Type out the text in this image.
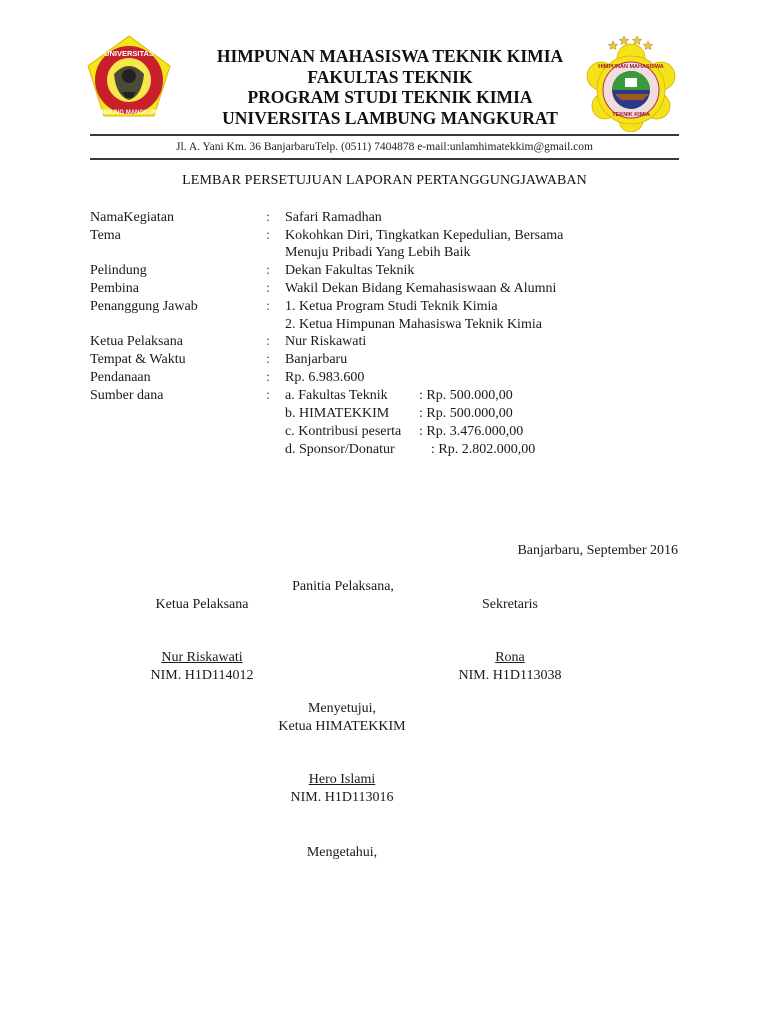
UNIVERSITAS
LAMBUNG MANGKURAT
HIMPUNAN MAHASISWA
TEKNIK KIMIA
HIMPUNAN MAHASISWA TEKNIK KIMIA
FAKULTAS TEKNIK
PROGRAM STUDI TEKNIK KIMIA
UNIVERSITAS LAMBUNG MANGKURAT
Jl. A. Yani Km. 36 BanjarbaruTelp. (0511) 7404878 e-mail:unlamhimatekkim@gmail.com
LEMBAR PERSETUJUAN LAPORAN PERTANGGUNGJAWABAN
NamaKegiatan	: Safari Ramadhan
Tema	: Kokohkan Diri, Tingkatkan Kepedulian, Bersama
Menuju Pribadi Yang Lebih Baik
Pelindung	: Dekan Fakultas Teknik
Pembina	: Wakil Dekan Bidang Kemahasiswaan & Alumni
Penanggung Jawab	: 1. Ketua Program Studi Teknik Kimia
2. Ketua Himpunan Mahasiswa Teknik Kimia
Ketua Pelaksana	: Nur Riskawati
Tempat & Waktu	: Banjarbaru
Pendanaan	: Rp. 6.983.600
Sumber dana	: a. Fakultas Teknik : Rp. 500.000,00
b. HIMATEKKIM : Rp. 500.000,00
c. Kontribusi peserta : Rp. 3.476.000,00
d. Sponsor/Donatur	: Rp. 2.802.000,00
Banjarbaru, September 2016
Panitia Pelaksana,
Ketua Pelaksana	Sekretaris
Nur Riskawati
NIM. H1D114012
Rona
NIM. H1D113038
Menyetujui,
Ketua HIMATEKKIM
Hero Islami
NIM. H1D113016
Mengetahui,
